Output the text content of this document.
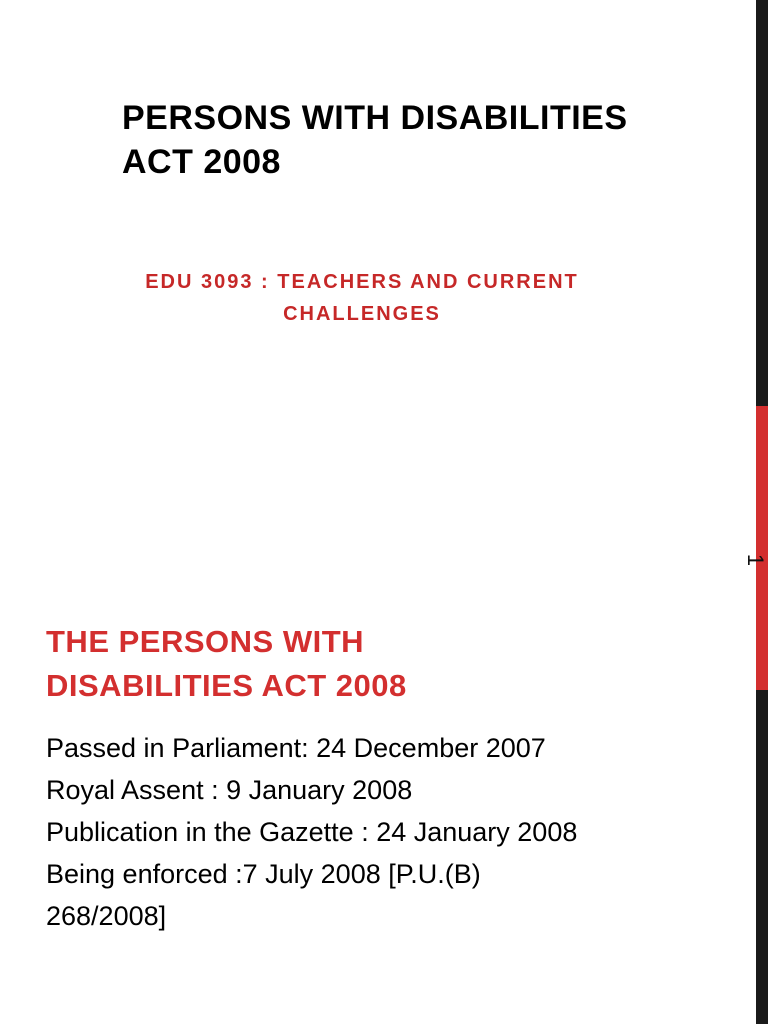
1
PERSONS WITH DISABILITIES
ACT 2008

EDU 3093 : TEACHERS AND CURRENT
CHALLENGES

THE PERSONS WITH
DISABILITIES ACT 2008
Passed in Parliament: 24 December 2007
Royal Assent : 9 January 2008
Publication in the Gazette : 24 January 2008
Being enforced :7 July 2008 [P.U.(B)
268/2008]
